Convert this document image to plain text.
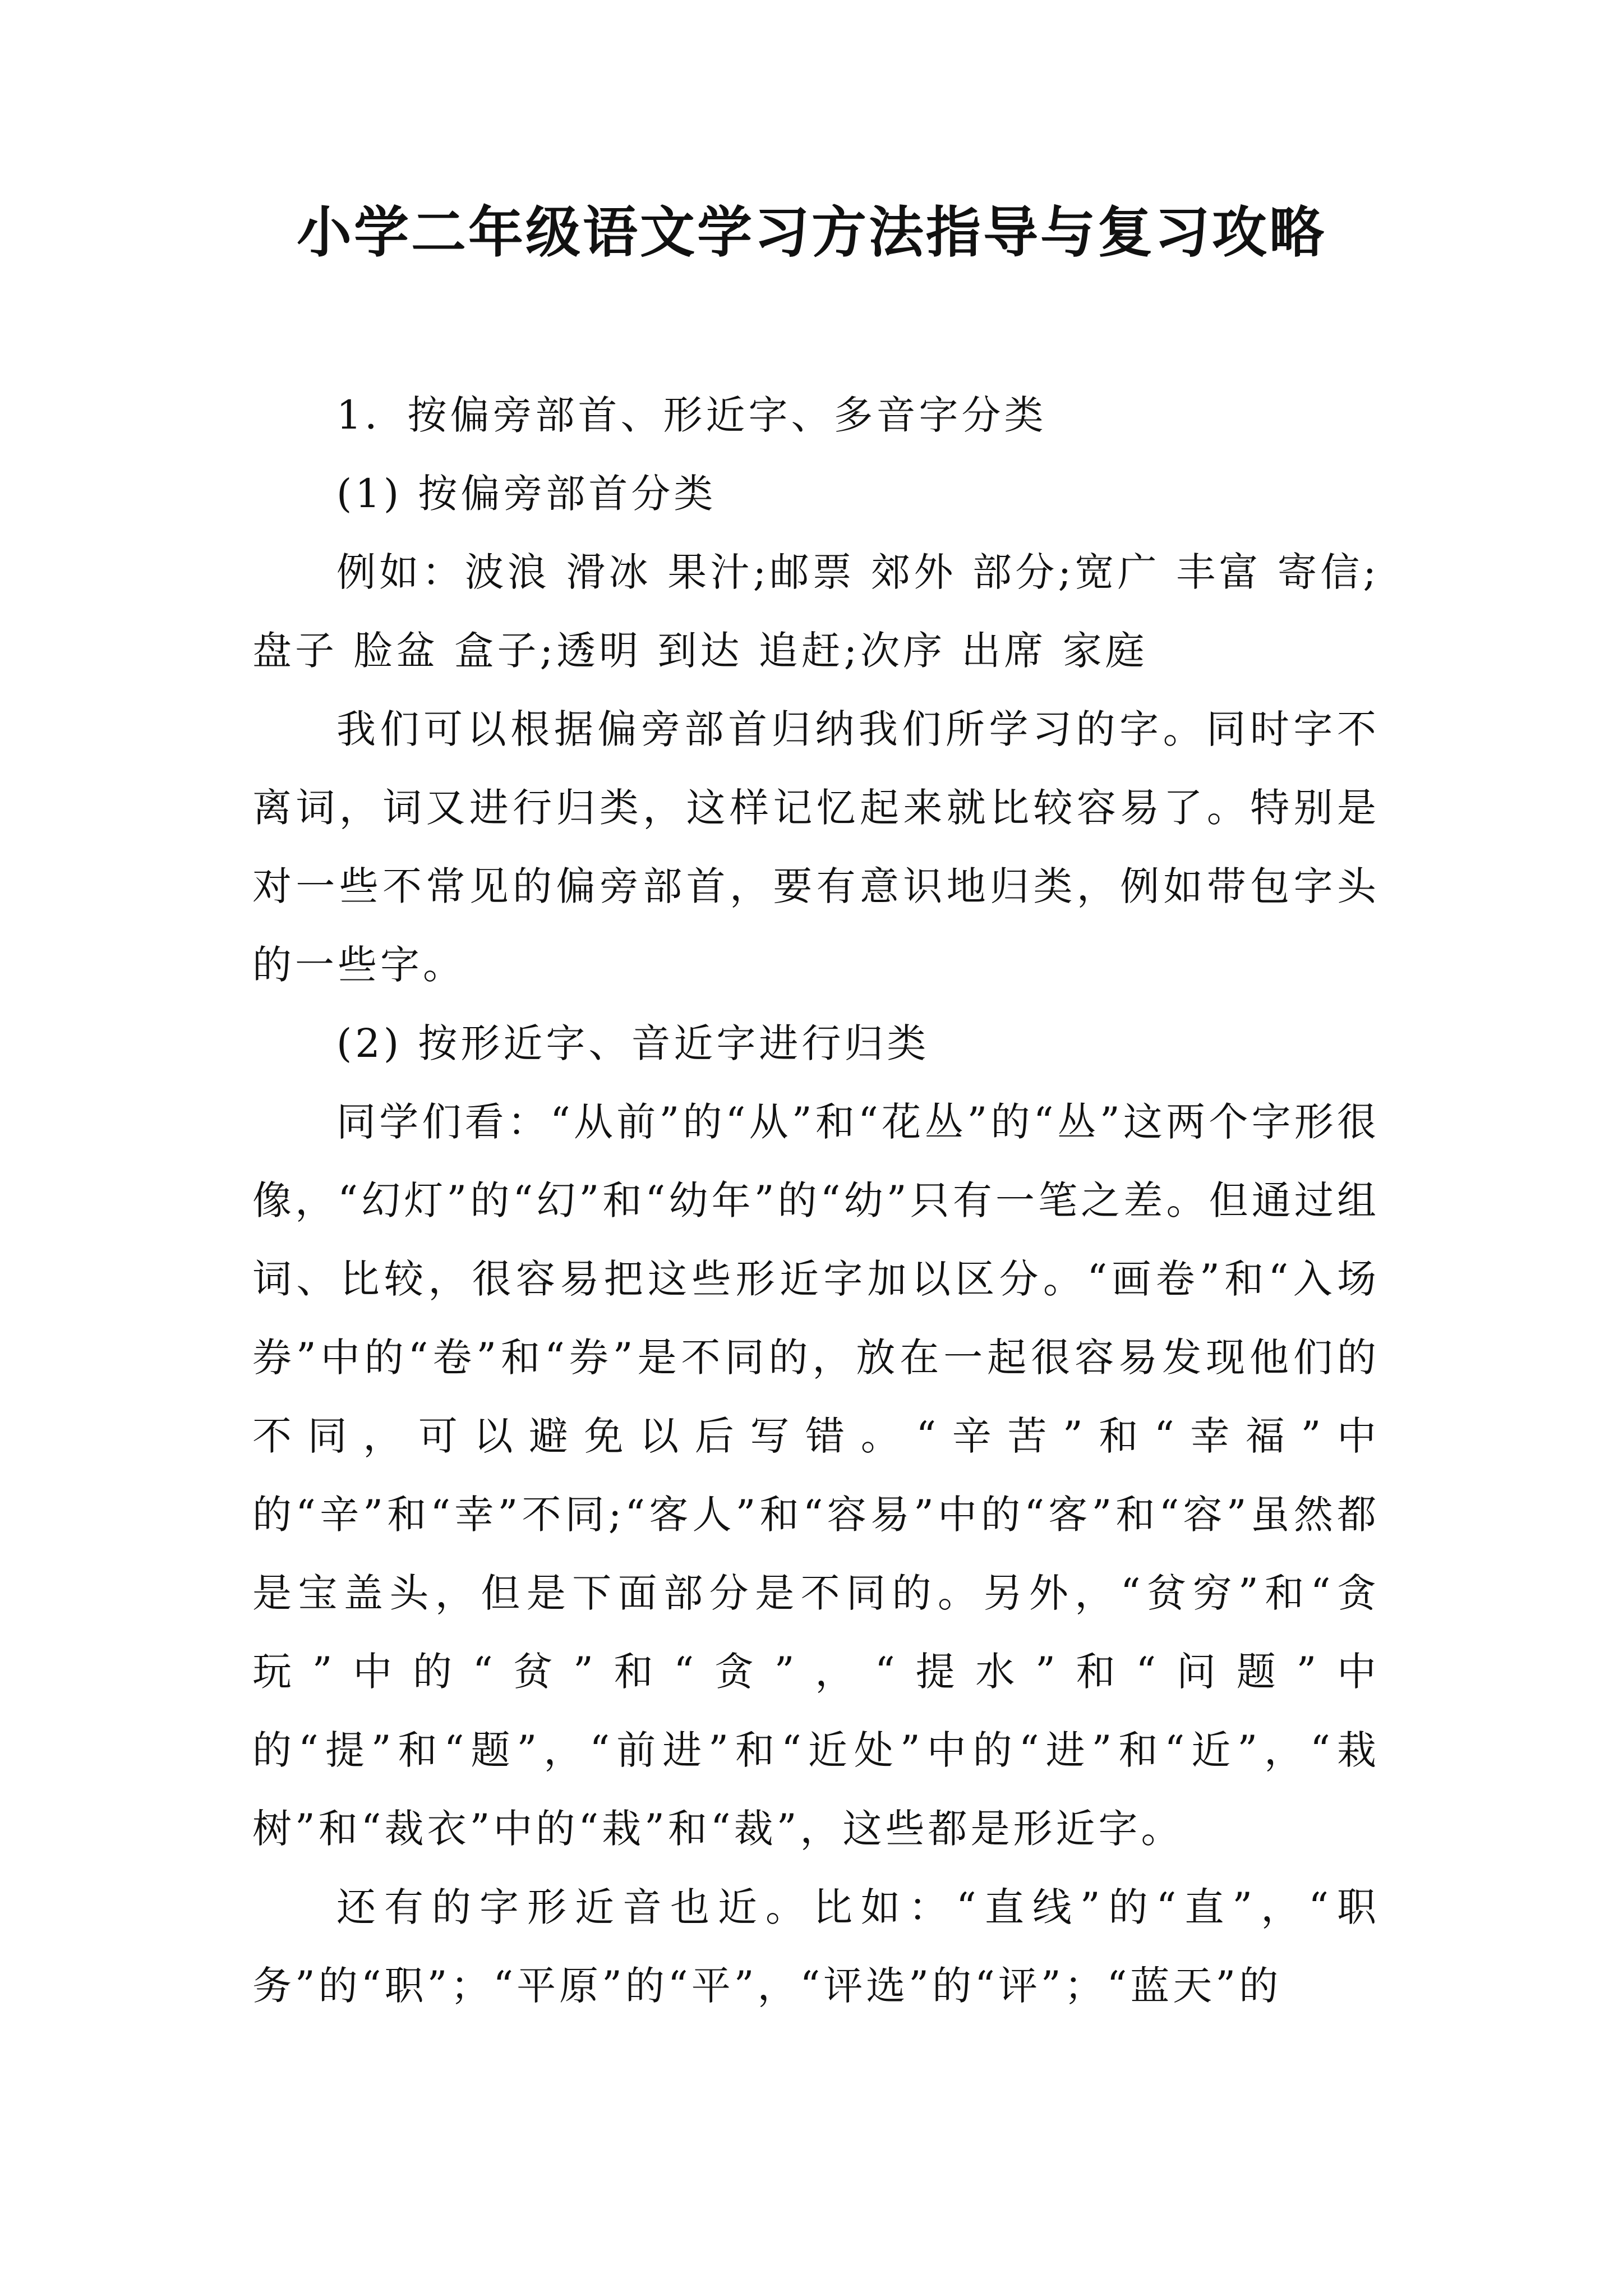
小学二年级语文学习方法指导与复习攻略

1．按偏旁部首、形近字、多音字分类

(1) 按偏旁部首分类

例如：波浪 滑冰 果汁;邮票 郊外 部分;宽广 丰富 寄信;盘子 脸盆 盒子;透明 到达 追赶;次序 出席 家庭

我们可以根据偏旁部首归纳我们所学习的字。同时字不离词，词又进行归类，这样记忆起来就比较容易了。特别是对一些不常见的偏旁部首，要有意识地归类，例如带包字头的一些字。

(2) 按形近字、音近字进行归类

同学们看：“从前”的“从”和“花丛”的“丛”这两个字形很像，“幻灯”的“幻”和“幼年”的“幼”只有一笔之差。但通过组词、比较，很容易把这些形近字加以区分。“画卷”和“入场券”中的“卷”和“券”是不同的，放在一起很容易发现他们的不同，可以避免以后写错。“辛苦”和“幸福”中的“辛”和“幸”不同;“客人”和“容易”中的“客”和“容”虽然都是宝盖头，但是下面部分是不同的。另外，“贫穷”和“贪玩”中的“贫”和“贪”，“提水”和“问题”中的“提”和“题”，“前进”和“近处”中的“进”和“近”，“栽树”和“裁衣”中的“栽”和“裁”，这些都是形近字。

还有的字形近音也近。比如：“直线”的“直”，“职务”的“职”；“平原”的“平”，“评选”的“评”；“蓝天”的
